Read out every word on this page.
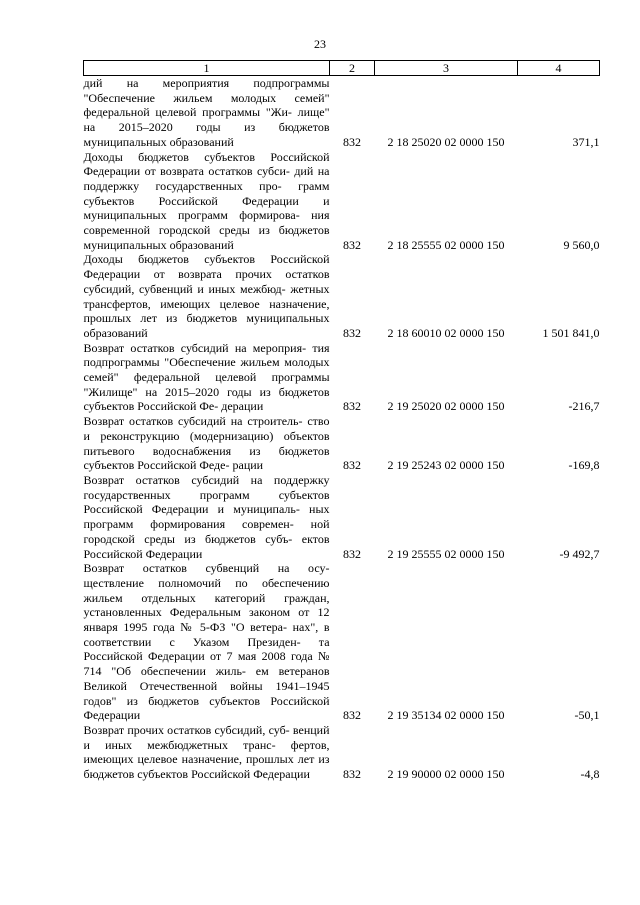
23
1	2	3	4
дий на мероприятия подпрограммы "Обеспечение жильем молодых семей" федеральной целевой программы "Жи- лище" на 2015–2020 годы из бюджетов муниципальных образований	832	2 18 25020 02 0000 150	371,1
Доходы бюджетов субъектов Российской Федерации от возврата остатков субси- дий на поддержку государственных про- грамм субъектов Российской Федерации и муниципальных программ формирова- ния современной городской среды из бюджетов муниципальных образований	832	2 18 25555 02 0000 150	9 560,0
Доходы бюджетов субъектов Российской Федерации от возврата прочих остатков субсидий, субвенций и иных межбюд- жетных трансфертов, имеющих целевое назначение, прошлых лет из бюджетов муниципальных образований	832	2 18 60010 02 0000 150	1 501 841,0
Возврат остатков субсидий на мероприя- тия подпрограммы "Обеспечение жильем молодых семей" федеральной целевой программы "Жилище" на 2015–2020 годы из бюджетов субъектов Российской Фе- дерации	832	2 19 25020 02 0000 150	-216,7
Возврат остатков субсидий на строитель- ство и реконструкцию (модернизацию) объектов питьевого водоснабжения из бюджетов субъектов Российской Феде- рации	832	2 19 25243 02 0000 150	-169,8
Возврат остатков субсидий на поддержку государственных программ субъектов Российской Федерации и муниципаль- ных программ формирования современ- ной городской среды из бюджетов субъ- ектов Российской Федерации	832	2 19 25555 02 0000 150	-9 492,7
Возврат остатков субвенций на осу- ществление полномочий по обеспечению жильем отдельных категорий граждан, установленных Федеральным законом от 12 января 1995 года № 5-ФЗ "О ветера- нах", в соответствии с Указом Президен- та Российской Федерации от 7 мая 2008 года № 714 "Об обеспечении жиль- ем ветеранов Великой Отечественной войны 1941–1945 годов" из бюджетов субъектов Российской Федерации	832	2 19 35134 02 0000 150	-50,1
Возврат прочих остатков субсидий, суб- венций и иных межбюджетных транс- фертов, имеющих целевое назначение, прошлых лет из бюджетов субъектов Российской Федерации	832	2 19 90000 02 0000 150	-4,8
